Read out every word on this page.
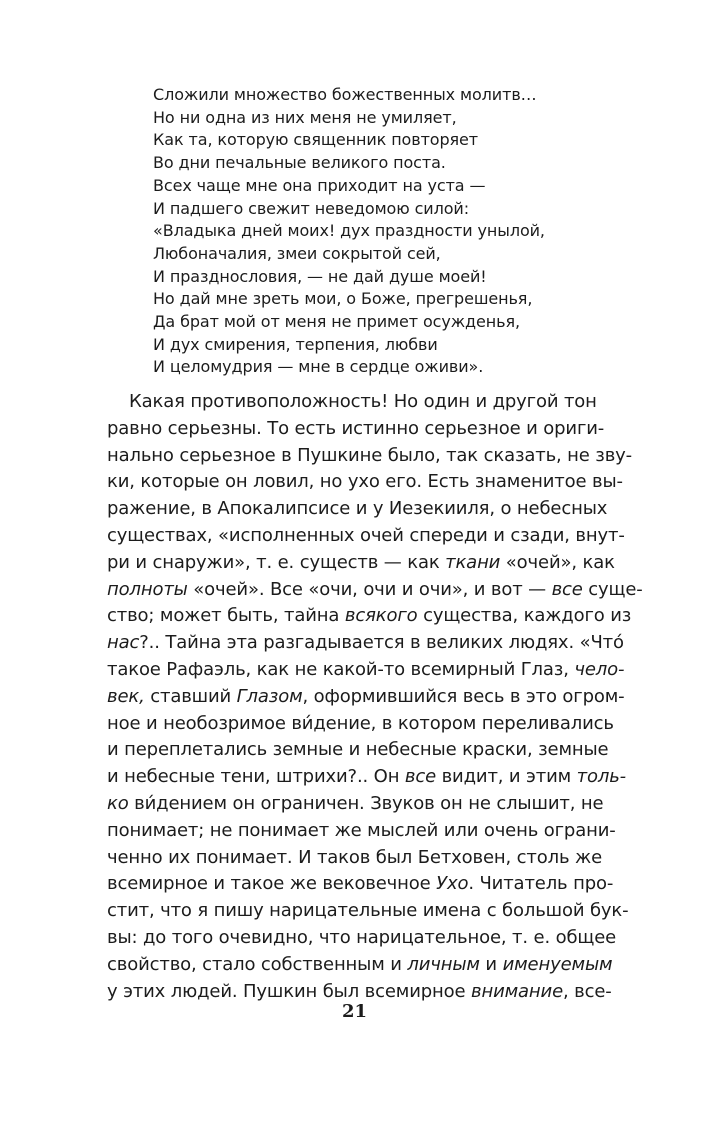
Сложили множество божественных молитв…
Но ни одна из них меня не умиляет,
Как та, которую священник повторяет
Во дни печальные великого поста.
Всех чаще мне она приходит на уста —
И падшего свежит неведомою силой:
«Владыка дней моих! дух праздности унылой,
Любоначалия, змеи сокрытой сей,
И празднословия, — не дай душе моей!
Но дай мне зреть мои, о Боже, прегрешенья,
Да брат мой от меня не примет осужденья,
И дух смирения, терпения, любви
И целомудрия — мне в сердце оживи».
Какая противоположность! Но один и другой тон
равно серьезны. То есть истинно серьезное и ориги-
нально серьезное в Пушкине было, так сказать, не зву-
ки, которые он ловил, но ухо его. Есть знаменитое вы-
ражение, в Апокалипсисе и у Иезекииля, о небесных
существах, «исполненных очей спереди и сзади, внут-
ри и снаружи», т. е. существ — как ткани «очей», как
полноты «очей». Все «очи, очи и очи», и вот — все суще-
ство; может быть, тайна всякого существа, каждого из
нас?.. Тайна эта разгадывается в великих людях. «Что́
такое Рафаэль, как не какой-то всемирный Глаз, чело-
век, ставший Глазом, оформившийся весь в это огром-
ное и необозримое ви́дение, в котором переливались
и переплетались земные и небесные краски, земные
и небесные тени, штрихи?.. Он все видит, и этим толь-
ко ви́дением он ограничен. Звуков он не слышит, не
понимает; не понимает же мыслей или очень ограни-
ченно их понимает. И таков был Бетховен, столь же
всемирное и такое же вековечное Ухо. Читатель про-
стит, что я пишу нарицательные имена с большой бук-
вы: до того очевидно, что нарицательное, т. е. общее
свойство, стало собственным и личным и именуемым
у этих людей. Пушкин был всемирное внимание, все-
21
